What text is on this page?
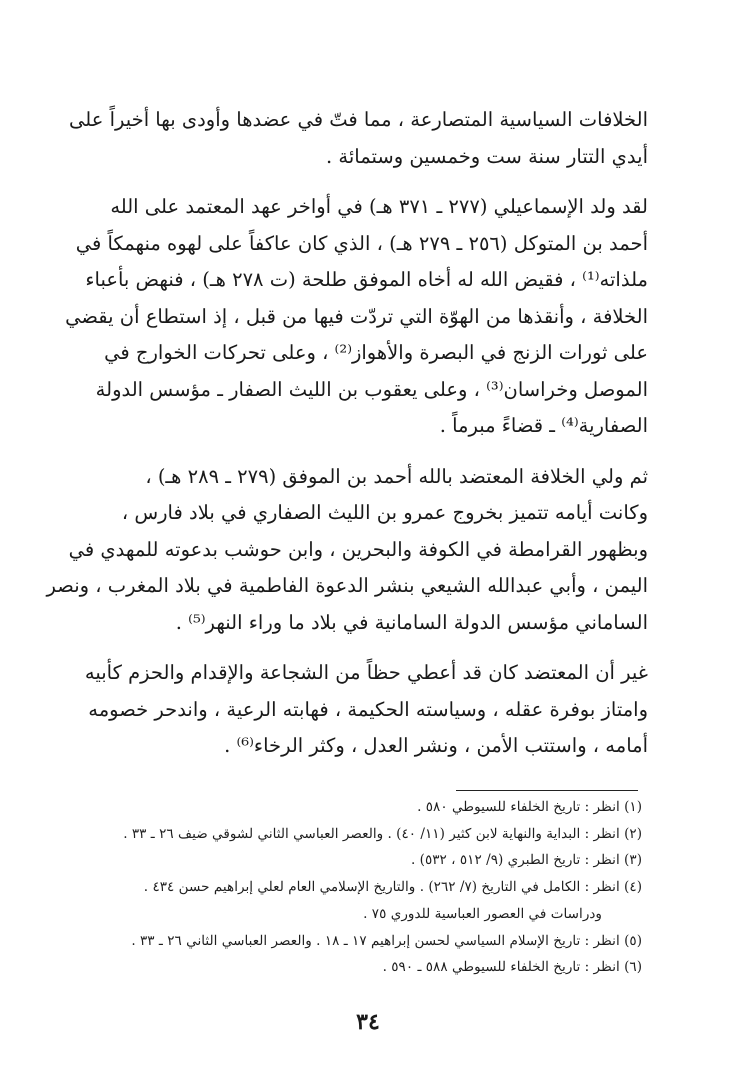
الخلافات السياسية المتصارعة ، مما فتّ في عضدها وأودى بها أخيراً على
أيدي التتار سنة ست وخمسين وستمائة .

لقد ولد الإسماعيلي (٢٧٧ ـ ٣٧١ هـ) في أواخر عهد المعتمد على الله
أحمد بن المتوكل (٢٥٦ ـ ٢٧٩ هـ) ، الذي كان عاكفاً على لهوه منهمكاً في
ملذاته⁽¹⁾ ، فقيض الله له أخاه الموفق طلحة (ت ٢٧٨ هـ) ، فنهض بأعباء
الخلافة ، وأنقذها من الهوّة التي تردّت فيها من قبل ، إذ استطاع أن يقضي
على ثورات الزنج في البصرة والأهواز⁽²⁾ ، وعلى تحركات الخوارج في
الموصل وخراسان⁽³⁾ ، وعلى يعقوب بن الليث الصفار ـ مؤسس الدولة
الصفارية⁽⁴⁾ ـ قضاءً مبرماً .

ثم ولي الخلافة المعتضد بالله أحمد بن الموفق (٢٧٩ ـ ٢٨٩ هـ) ،
وكانت أيامه تتميز بخروج عمرو بن الليث الصفاري في بلاد فارس ،
وبظهور القرامطة في الكوفة والبحرين ، وابن حوشب بدعوته للمهدي في
اليمن ، وأبي عبدالله الشيعي بنشر الدعوة الفاطمية في بلاد المغرب ، ونصر
الساماني مؤسس الدولة السامانية في بلاد ما وراء النهر⁽⁵⁾ .

غير أن المعتضد كان قد أعطي حظاً من الشجاعة والإقدام والحزم كأبيه
وامتاز بوفرة عقله ، وسياسته الحكيمة ، فهابته الرعية ، واندحر خصومه
أمامه ، واستتب الأمن ، ونشر العدل ، وكثر الرخاء⁽⁶⁾ .

(١) انظر : تاريخ الخلفاء للسيوطي ٥٨٠ .
(٢) انظر : البداية والنهاية لابن كثير (١١/ ٤٠) . والعصر العباسي الثاني لشوقي ضيف ٢٦ ـ ٣٣ .
(٣) انظر : تاريخ الطبري (٩/ ٥١٢ ، ٥٣٢) .
(٤) انظر : الكامل في التاريخ (٧/ ٢٦٢) . والتاريخ الإسلامي العام لعلي إبراهيم حسن ٤٣٤ .
ودراسات في العصور العباسية للدوري ٧٥ .
(٥) انظر : تاريخ الإسلام السياسي لحسن إبراهيم ١٧ ـ ١٨ . والعصر العباسي الثاني ٢٦ ـ ٣٣ .
(٦) انظر : تاريخ الخلفاء للسيوطي ٥٨٨ ـ ٥٩٠ .
٣٤
